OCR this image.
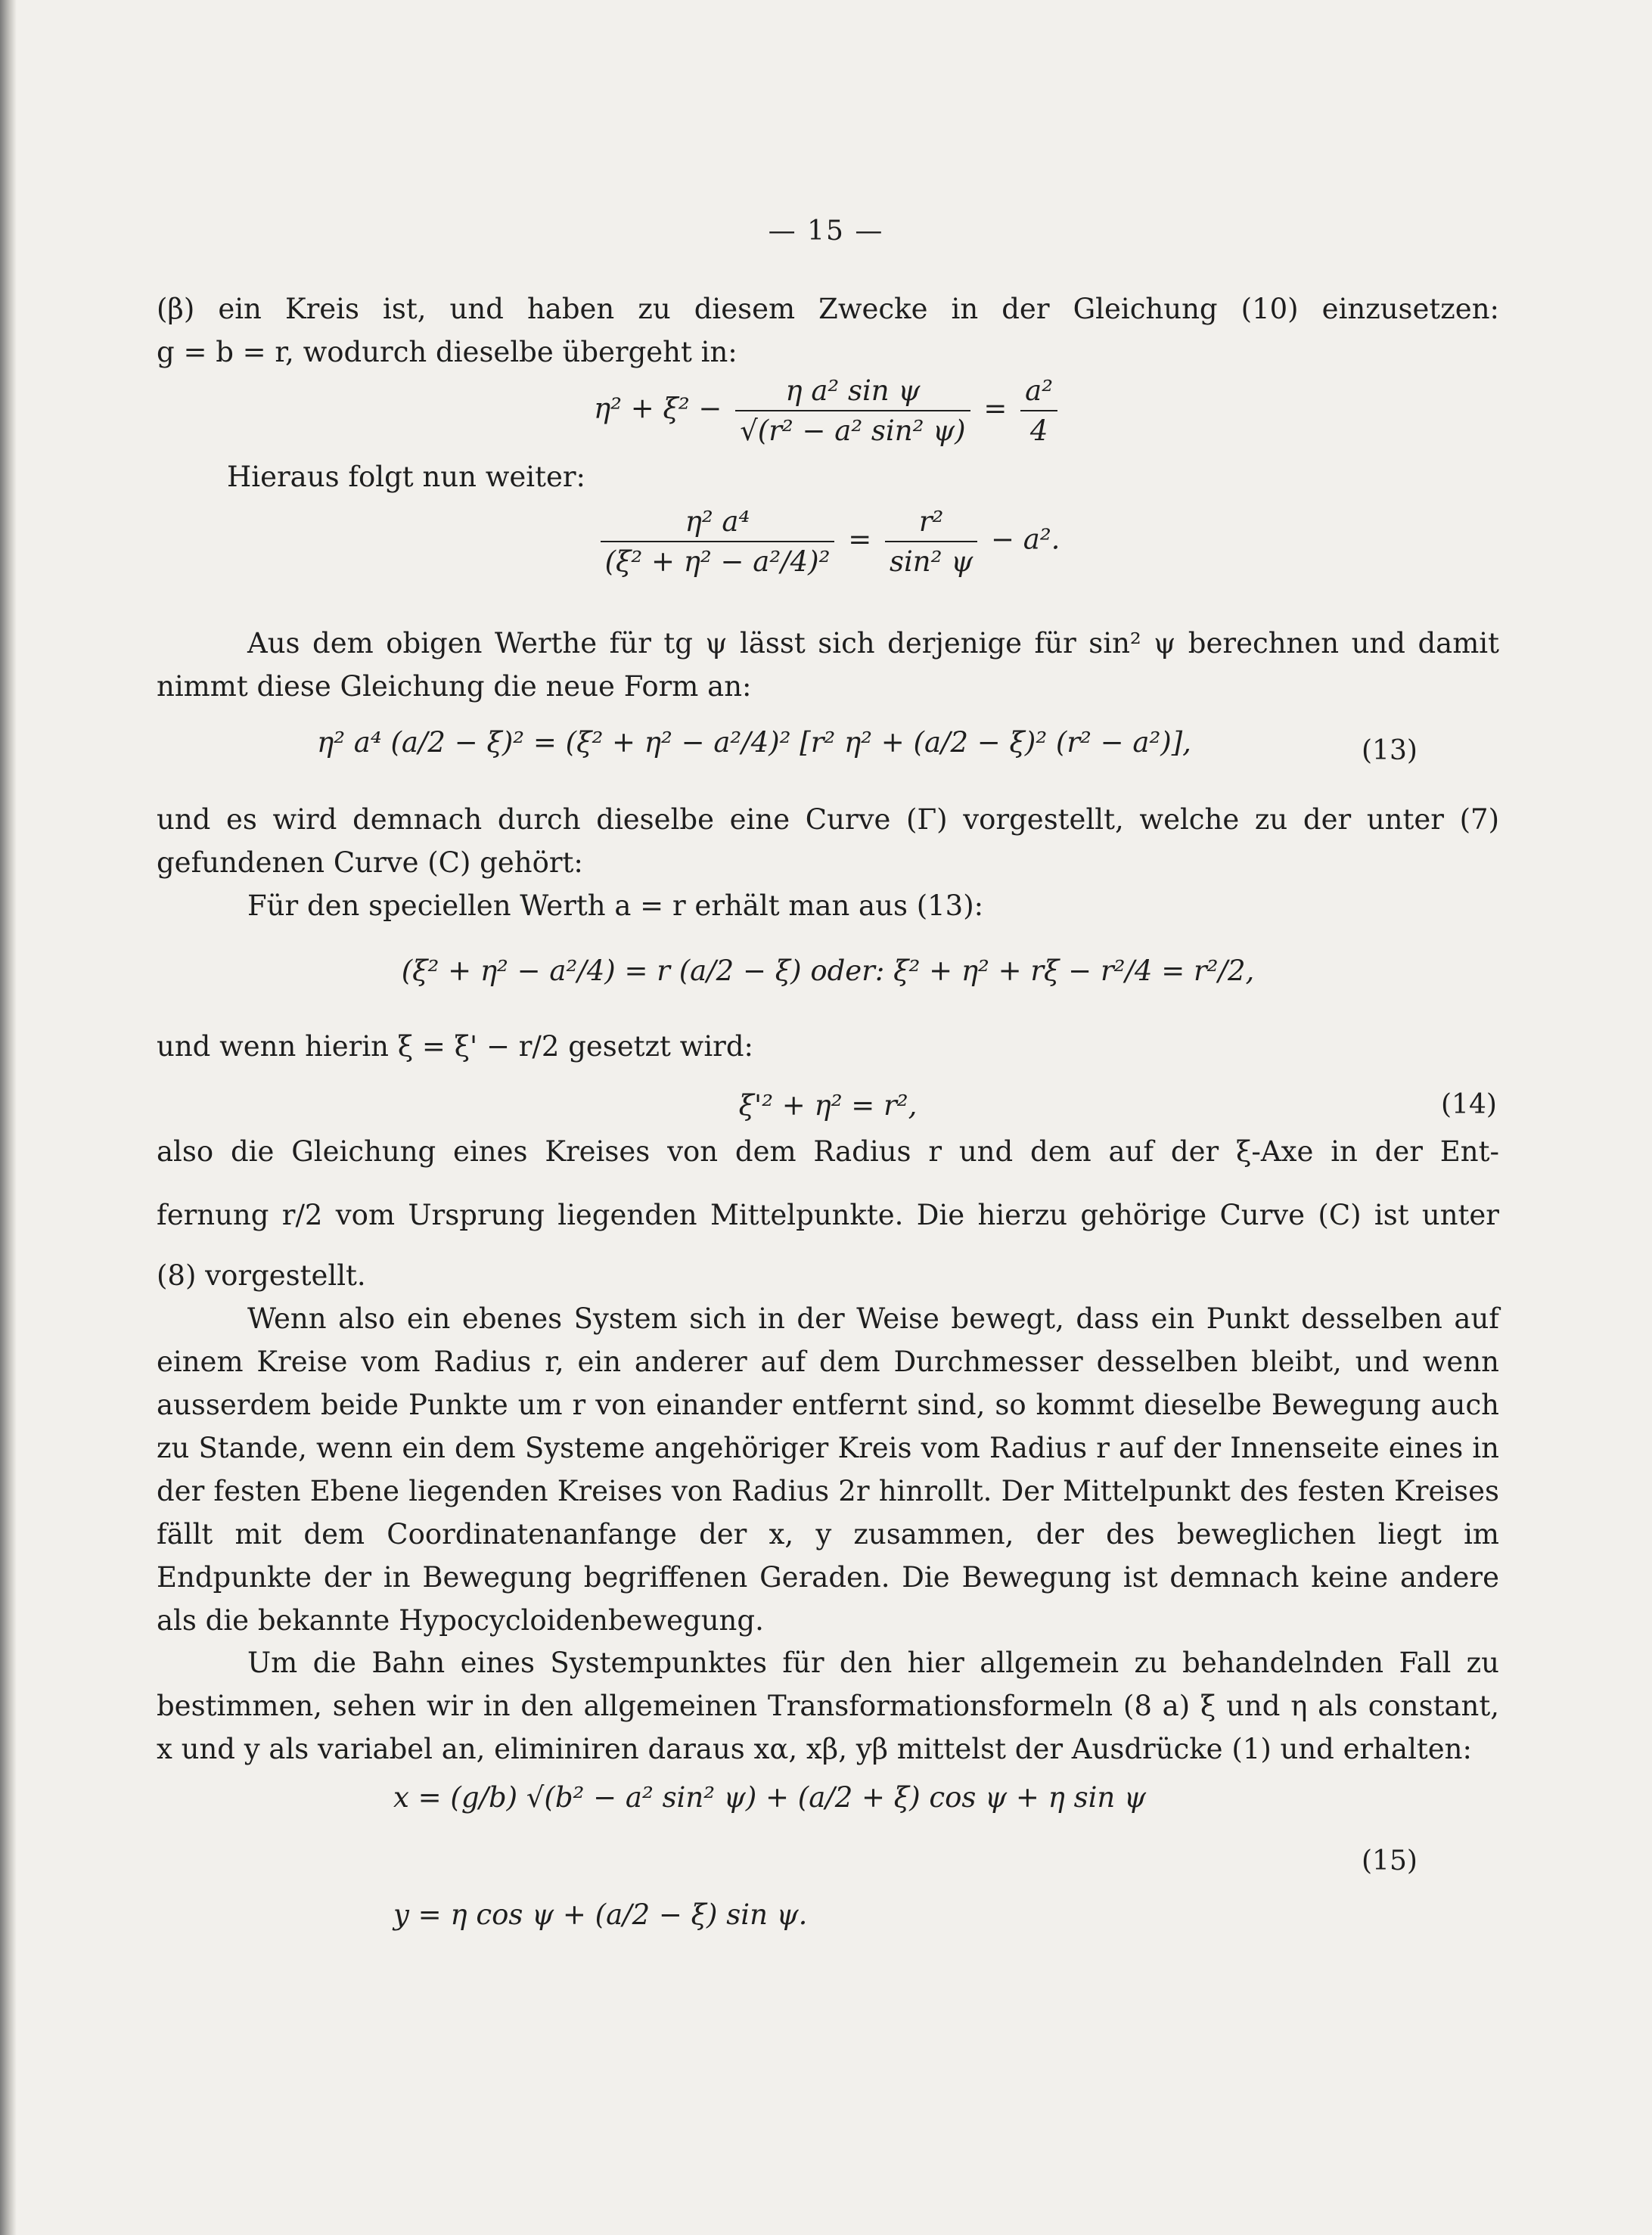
— 15 —
(β) ein Kreis ist, und haben zu diesem Zwecke in der Gleichung (10) einzusetzen:
g = b = r, wodurch dieselbe übergeht in:
$\eta^2 + \xi^2 - \frac{\text{η a² sin ψ}}{\text{√(r² − a² sin² ψ)}} = \frac{\text{a²}}{4}$
Hieraus folgt nun weiter:
$\frac{\text{η² a⁴}}{\text{(ξ² + η² − a²/4)²}} = \frac{\text{r²}}{\text{sin² ψ}} - a^2$.
Aus dem obigen Werthe für tg ψ lässt sich derjenige für sin² ψ berechnen und damit
nimmt diese Gleichung die neue Form an:
η² a⁴ (a/2 − ξ)² = (ξ² + η² − a²/4)² [r² η² + (a/2 − ξ)² (r² − a²)],	(13)
und es wird demnach durch dieselbe eine Curve (Γ) vorgestellt, welche zu der unter (7)
gefundenen Curve (C) gehört:
Für den speciellen Werth a = r erhält man aus (13):
(ξ² + η² − a²/4) = r (a/2 − ξ) oder: ξ² + η² + rξ − r²/4 = r²/2,
und wenn hierin ξ = ξ' − r/2 gesetzt wird:
ξ'² + η² = r²,	(14)
also die Gleichung eines Kreises von dem Radius r und dem auf der ξ-Axe in der Ent-
fernung r/2 vom Ursprung liegenden Mittelpunkte. Die hierzu gehörige Curve (C) ist unter
(8) vorgestellt.
Wenn also ein ebenes System sich in der Weise bewegt, dass ein Punkt desselben auf einem Kreise vom Radius r, ein anderer auf dem Durchmesser desselben bleibt, und wenn ausserdem beide Punkte um r von einander entfernt sind, so kommt dieselbe Bewegung auch zu Stande, wenn ein dem Systeme angehöriger Kreis vom Radius r auf der Innenseite eines in der festen Ebene liegenden Kreises von Radius 2r hinrollt. Der Mittelpunkt des festen Kreises fällt mit dem Coordinatenanfange der x, y zusammen, der des beweglichen liegt im Endpunkte der in Bewegung begriffenen Geraden. Die Bewegung ist demnach keine andere als die bekannte Hypocycloidenbewegung.
Um die Bahn eines Systempunktes für den hier allgemein zu behandelnden Fall zu bestimmen, sehen wir in den allgemeinen Transformationsformeln (8 a) ξ und η als constant, x und y als variabel an, eliminiren daraus xα, xβ, yβ mittelst der Ausdrücke (1) und erhalten:
x = (g/b) √(b² − a² sin² ψ) + (a/2 + ξ) cos ψ + η sin ψ
y = η cos ψ + (a/2 − ξ) sin ψ.
(15)
